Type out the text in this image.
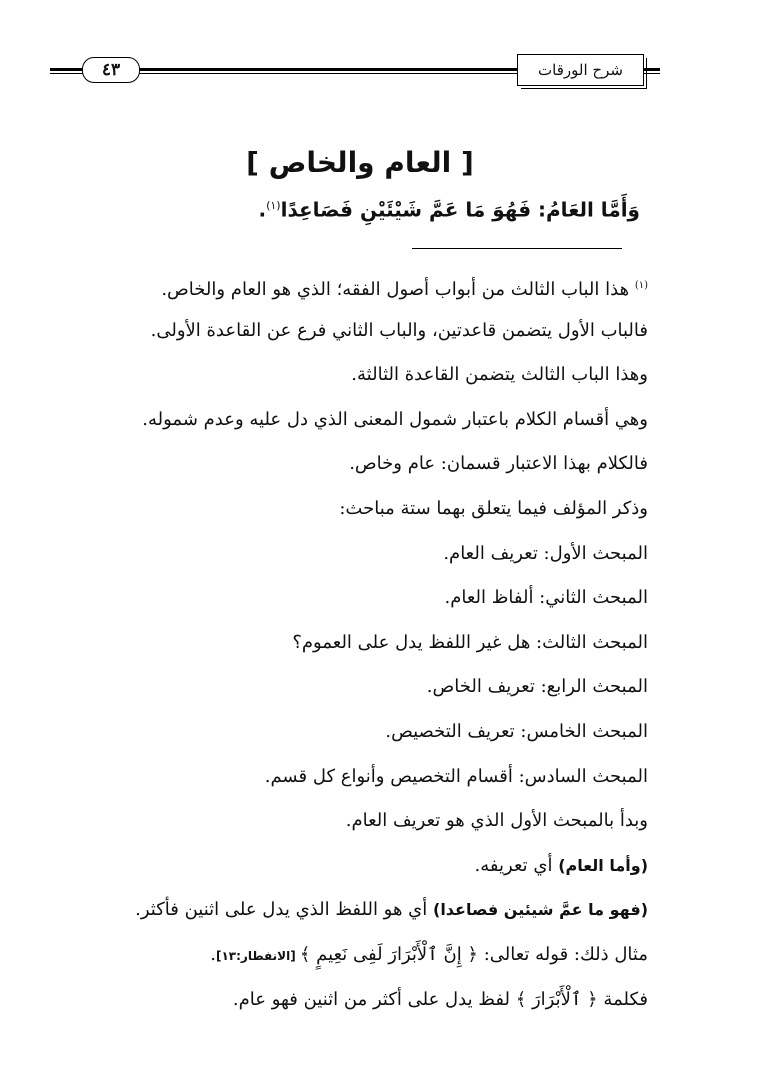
شرح الورقات
٤٣
[ العام والخاص ]
وَأَمَّا العَامُ: فَهُوَ مَا عَمَّ شَيْئَيْنِ فَصَاعِدًا$^{(١)}$.
$^{(١)}$ هذا الباب الثالث من أبواب أصول الفقه؛ الذي هو العام والخاص.
فالباب الأول يتضمن قاعدتين، والباب الثاني فرع عن القاعدة الأولى.
وهذا الباب الثالث يتضمن القاعدة الثالثة.
وهي أقسام الكلام باعتبار شمول المعنى الذي دل عليه وعدم شموله.
فالكلام بهذا الاعتبار قسمان: عام وخاص.
وذكر المؤلف فيما يتعلق بهما ستة مباحث:
المبحث الأول: تعريف العام.
المبحث الثاني: ألفاظ العام.
المبحث الثالث: هل غير اللفظ يدل على العموم؟
المبحث الرابع: تعريف الخاص.
المبحث الخامس: تعريف التخصيص.
المبحث السادس: أقسام التخصيص وأنواع كل قسم.
وبدأ بالمبحث الأول الذي هو تعريف العام.
(وأما العام) أي تعريفه.
(فهو ما عمَّ شيئين فصاعدا) أي هو اللفظ الذي يدل على اثنين فأكثر.
مثال ذلك: قوله تعالى: ﴿ إِنَّ ٱلْأَبْرَارَ لَفِى نَعِيمٍ ﴾ [الانفطار:١٣].
فكلمة ﴿ ٱلْأَبْرَارَ ﴾ لفظ يدل على أكثر من اثنين فهو عام.
